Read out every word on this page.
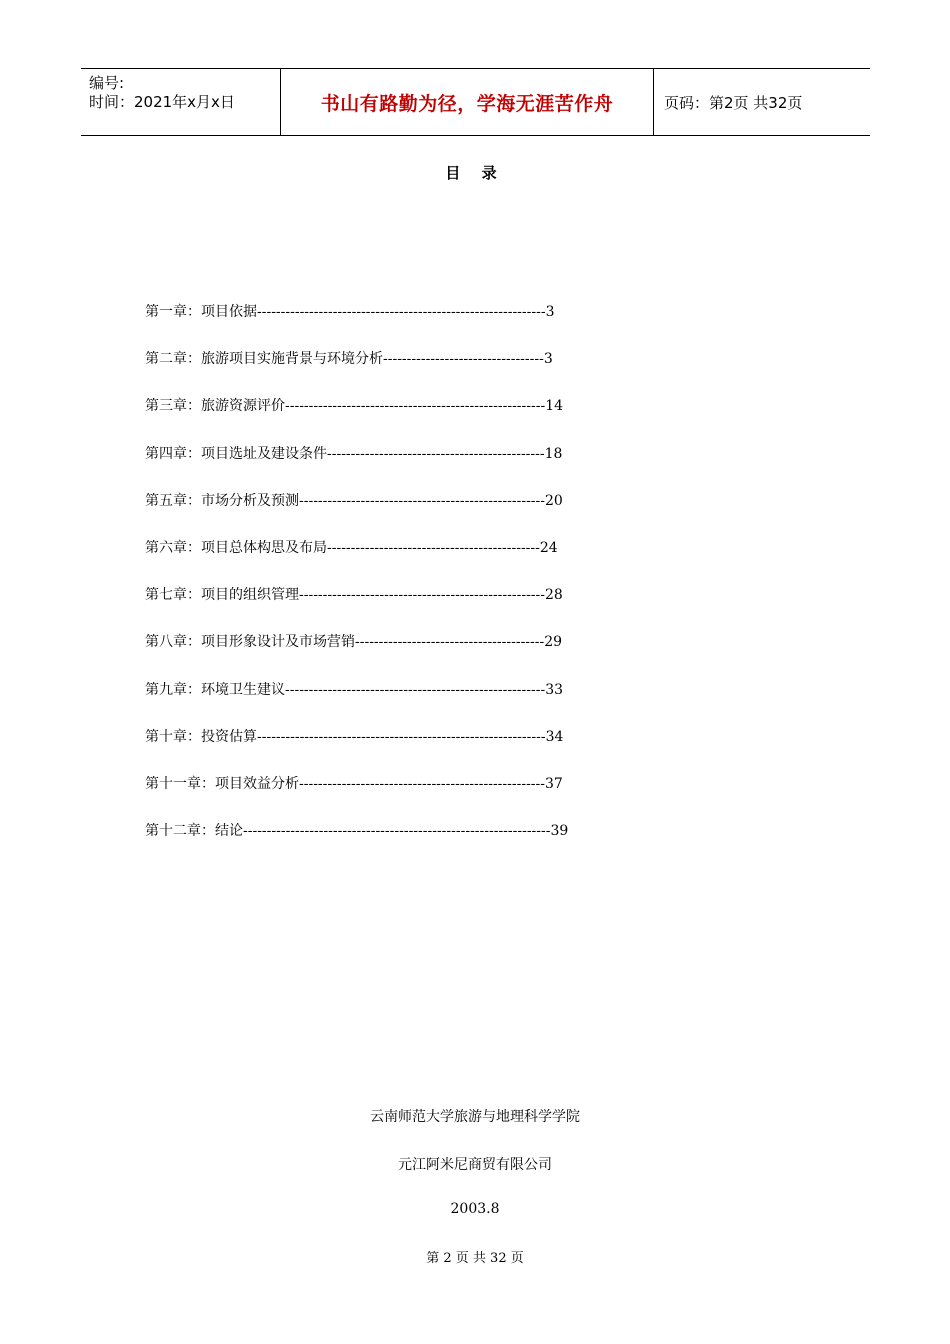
编号:
时间：2021年x月x日	书山有路勤为径，学海无涯苦作舟	页码：第2页 共32页
目 录
第一章：项目依据-------------------------------------------------------------3
第二章：旅游项目实施背景与环境分析----------------------------------3
第三章：旅游资源评价-------------------------------------------------------14
第四章：项目选址及建设条件----------------------------------------------18
第五章：市场分析及预测----------------------------------------------------20
第六章：项目总体构思及布局---------------------------------------------24
第七章：项目的组织管理----------------------------------------------------28
第八章：项目形象设计及市场营销----------------------------------------29
第九章：环境卫生建议-------------------------------------------------------33
第十章：投资估算-------------------------------------------------------------34
第十一章：项目效益分析----------------------------------------------------37
第十二章：结论-----------------------------------------------------------------39
云南师范大学旅游与地理科学学院
元江阿米尼商贸有限公司
2003.8
第 2 页 共 32 页
